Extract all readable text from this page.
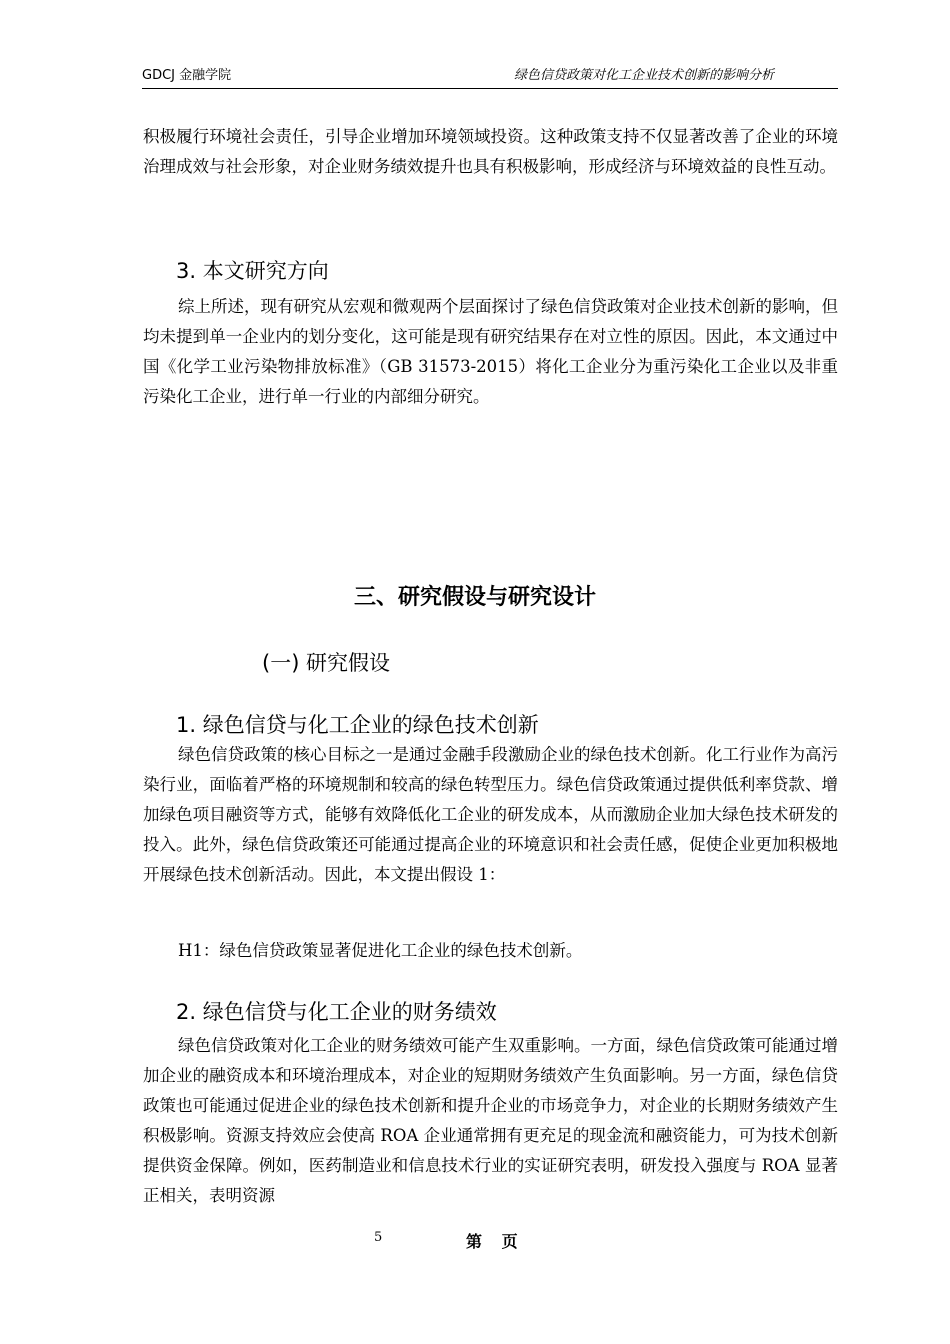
GDCJ 金融学院	绿色信贷政策对化工企业技术创新的影响分析

积极履行环境社会责任，引导企业增加环境领域投资。这种政策支持不仅显著改善了企业的环境治理成效与社会形象，对企业财务绩效提升也具有积极影响，形成经济与环境效益的良性互动。

3. 本文研究方向

综上所述，现有研究从宏观和微观两个层面探讨了绿色信贷政策对企业技术创新的影响，但均未提到单一企业内的划分变化，这可能是现有研究结果存在对立性的原因。因此，本文通过中国《化学工业污染物排放标准》（GB 31573-2015）将化工企业分为重污染化工企业以及非重污染化工企业，进行单一行业的内部细分研究。

三、研究假设与研究设计
(一) 研究假设
1. 绿色信贷与化工企业的绿色技术创新

绿色信贷政策的核心目标之一是通过金融手段激励企业的绿色技术创新。化工行业作为高污染行业，面临着严格的环境规制和较高的绿色转型压力。绿色信贷政策通过提供低利率贷款、增加绿色项目融资等方式，能够有效降低化工企业的研发成本，从而激励企业加大绿色技术研发的投入。此外，绿色信贷政策还可能通过提高企业的环境意识和社会责任感，促使企业更加积极地开展绿色技术创新活动。因此，本文提出假设 1：

H1：绿色信贷政策显著促进化工企业的绿色技术创新。

2. 绿色信贷与化工企业的财务绩效

绿色信贷政策对化工企业的财务绩效可能产生双重影响。一方面，绿色信贷政策可能通过增加企业的融资成本和环境治理成本，对企业的短期财务绩效产生负面影响。另一方面，绿色信贷政策也可能通过促进企业的绿色技术创新和提升企业的市场竞争力，对企业的长期财务绩效产生积极影响。资源支持效应会使高 ROA 企业通常拥有更充足的现金流和融资能力，可为技术创新提供资金保障。例如，医药制造业和信息技术行业的实证研究表明，研发投入强度与 ROA 显著正相关，表明资源

5	第 页
